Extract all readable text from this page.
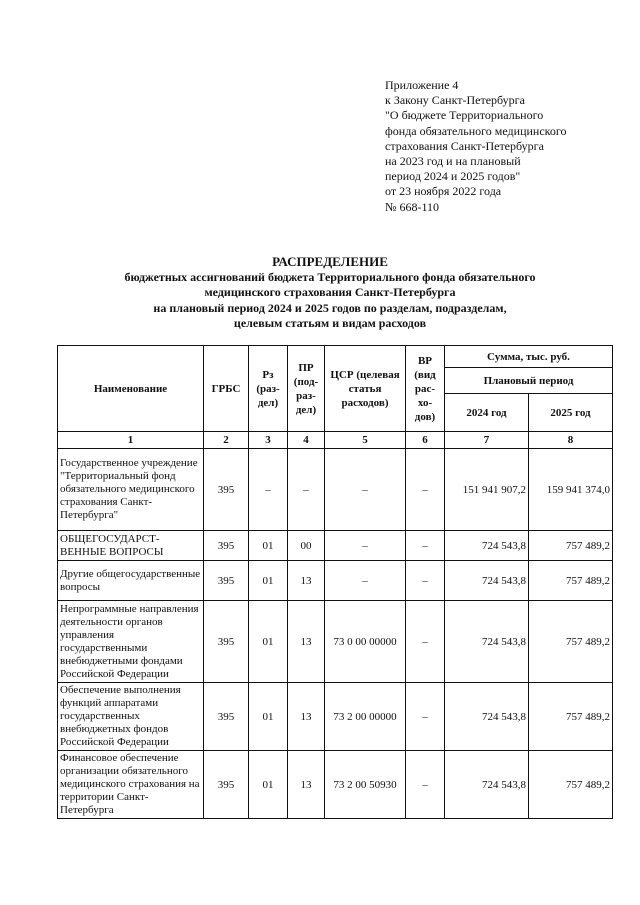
Приложение 4
к Закону Санкт-Петербурга
"О бюджете Территориального
фонда обязательного медицинского
страхования Санкт-Петербурга
на 2023 год и на плановый
период 2024 и 2025 годов"
от 23 ноября 2022 года
№ 668-110
РАСПРЕДЕЛЕНИЕ
бюджетных ассигнований бюджета Территориального фонда обязательного
медицинского страхования Санкт-Петербурга
на плановый период 2024 и 2025 годов по разделам, подразделам,
целевым статьям и видам расходов
Наименование	ГРБС	Рз (раз-дел)	ПР (под-раз-дел)	ЦСР (целевая статья расходов)	ВР (вид рас-хо-дов)	Сумма, тыс. руб.	
						Плановый период	
						2024 год	2025 год
1	2	3	4	5	6	7	8
Государственное учреждение "Территориальный фонд обязательного медицинского страхования Санкт-Петербурга"	395	–	–	–	–	151 941 907,2	159 941 374,0
ОБЩЕГОСУДАРСТ-ВЕННЫЕ ВОПРОСЫ	395	01	00	–	–	724 543,8	757 489,2
Другие общегосударственные вопросы	395	01	13	–	–	724 543,8	757 489,2
Непрограммные направления деятельности органов управления государственными внебюджетными фондами Российской Федерации	395	01	13	73 0 00 00000	–	724 543,8	757 489,2
Обеспечение выполнения функций аппаратами государственных внебюджетных фондов Российской Федерации	395	01	13	73 2 00 00000	–	724 543,8	757 489,2
Финансовое обеспечение организации обязательного медицинского страхования на территории Санкт-Петербурга	395	01	13	73 2 00 50930	–	724 543,8	757 489,2
